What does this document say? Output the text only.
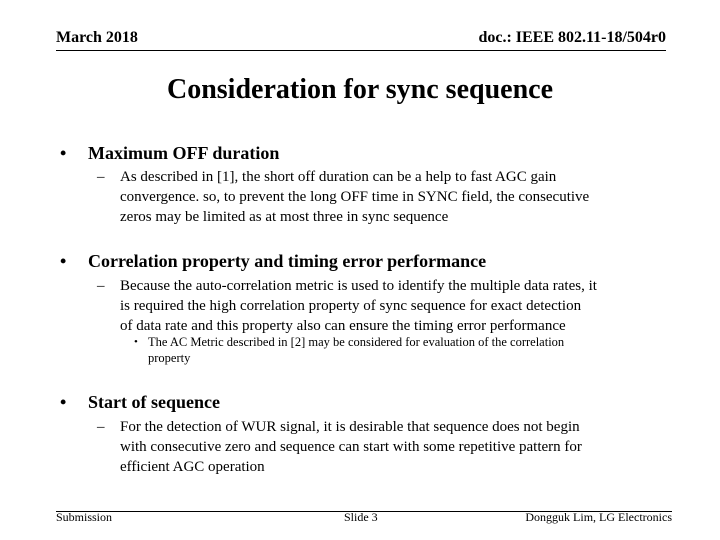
March 2018	doc.: IEEE 802.11-18/504r0
Consideration for sync sequence
• Maximum OFF duration
– As described in [1], the short off duration can be a help to fast AGC gain
convergence. so, to prevent the long OFF time in SYNC field, the consecutive
zeros may be limited as at most three in sync sequence
• Correlation property and timing error performance
– Because the auto-correlation metric is used to identify the multiple data rates, it
is required the high correlation property of sync sequence for exact detection
of data rate and this property also can ensure the timing error performance
• The AC Metric described in [2] may be considered for evaluation of the correlation
property
• Start of sequence
– For the detection of WUR signal, it is desirable that sequence does not begin
with consecutive zero and sequence can start with some repetitive pattern for
efficient AGC operation
Submission	Slide 3	Dongguk Lim, LG Electronics
